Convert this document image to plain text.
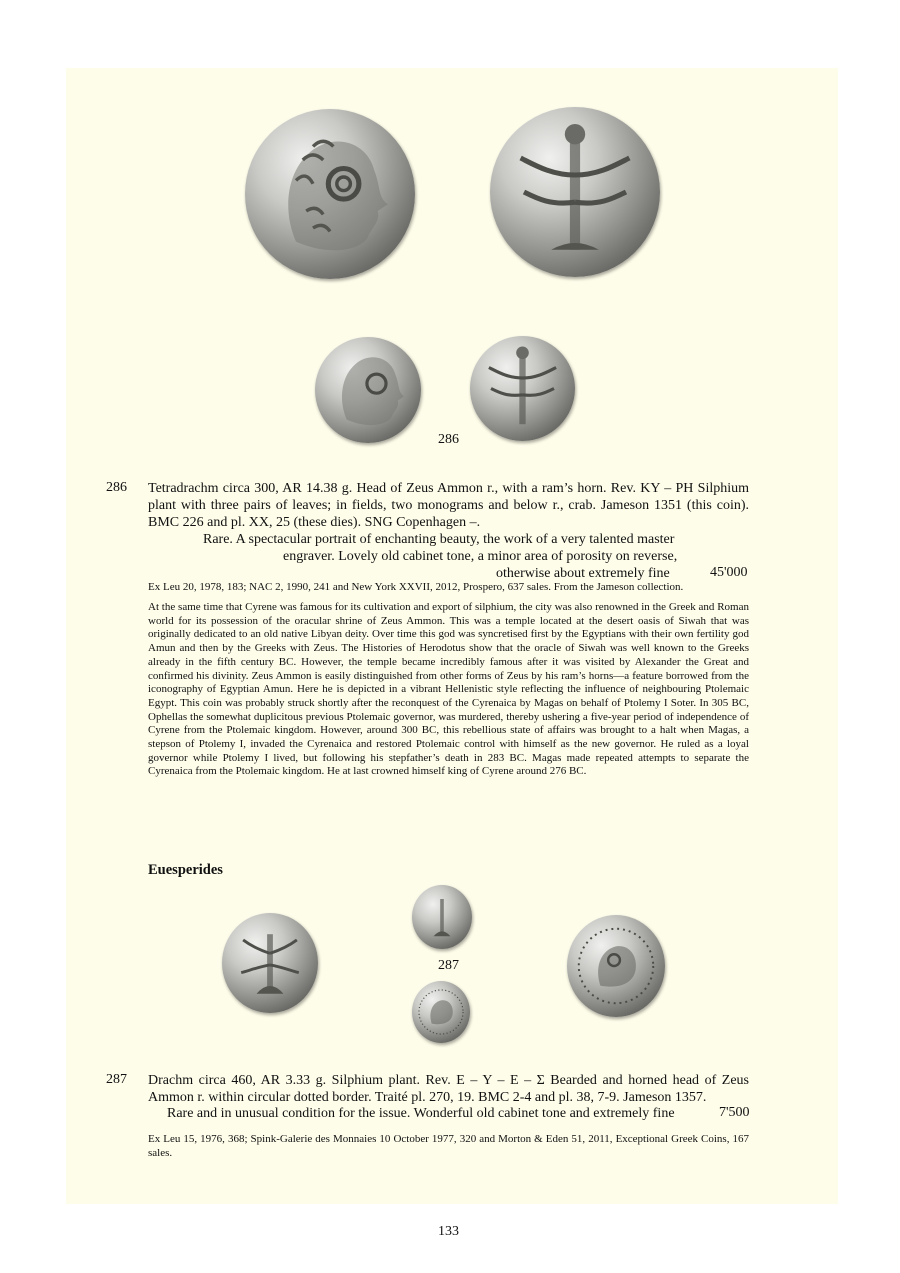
286
286 Tetradrachm circa 300, AR 14.38 g. Head of Zeus Ammon r., with a ram’s horn. Rev. KY – PH Silphium plant with three pairs of leaves; in fields, two monograms and below r., crab. Jameson 1351 (this coin). BMC 226 and pl. XX, 25 (these dies). SNG Copenhagen –.
Rare. A spectacular portrait of enchanting beauty, the work of a very talented master
engraver. Lovely old cabinet tone, a minor area of porosity on reverse,
otherwise about extremely fine	45'000
Ex Leu 20, 1978, 183; NAC 2, 1990, 241 and New York XXVII, 2012, Prospero, 637 sales. From the Jameson collection.
At the same time that Cyrene was famous for its cultivation and export of silphium, the city was also renowned in the Greek and Roman world for its possession of the oracular shrine of Zeus Ammon. This was a temple located at the desert oasis of Siwah that was originally dedicated to an old native Libyan deity. Over time this god was syncretised first by the Egyptians with their own fertility god Amun and then by the Greeks with Zeus. The Histories of Herodotus show that the oracle of Siwah was well known to the Greeks already in the fifth century BC. However, the temple became incredibly famous after it was visited by Alexander the Great and confirmed his divinity. Zeus Ammon is easily distinguished from other forms of Zeus by his ram’s horns—a feature borrowed from the iconography of Egyptian Amun. Here he is depicted in a vibrant Hellenistic style reflecting the influence of neighbouring Ptolemaic Egypt. This coin was probably struck shortly after the reconquest of the Cyrenaica by Magas on behalf of Ptolemy I Soter. In 305 BC, Ophellas the somewhat duplicitous previous Ptolemaic governor, was murdered, thereby ushering a five-year period of independence of Cyrene from the Ptolemaic kingdom. However, around 300 BC, this rebellious state of affairs was brought to a halt when Magas, a stepson of Ptolemy I, invaded the Cyrenaica and restored Ptolemaic control with himself as the new governor. He ruled as a loyal governor while Ptolemy I lived, but following his stepfather’s death in 283 BC. Magas made repeated attempts to separate the Cyrenaica from the Ptolemaic kingdom. He at last crowned himself king of Cyrene around 276 BC.
Euesperides
287
287 Drachm circa 460, AR 3.33 g. Silphium plant. Rev. E – Y – E – Σ Bearded and horned head of Zeus Ammon r. within circular dotted border. Traité pl. 270, 19. BMC 2-4 and pl. 38, 7-9. Jameson 1357.
Rare and in unusual condition for the issue. Wonderful old cabinet tone and extremely fine	7'500
Ex Leu 15, 1976, 368; Spink-Galerie des Monnaies 10 October 1977, 320 and Morton & Eden 51, 2011, Exceptional Greek Coins, 167 sales.
133
